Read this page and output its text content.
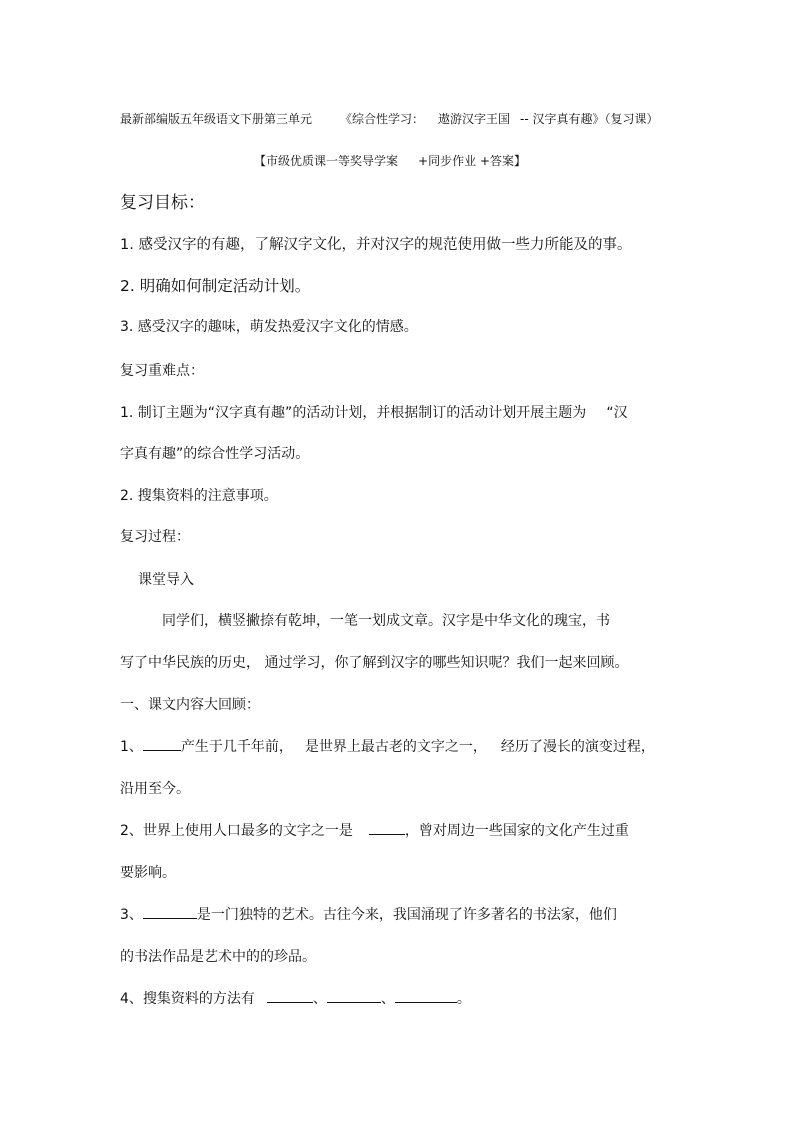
最新部编版五年级语文下册第三单元 《综合性学习： 遨游汉字王国 -- 汉字真有趣》（复习课）
【市级优质课一等奖导学案 +同步作业 +答案】
复习目标：
1. 感受汉字的有趣，了解汉字文化，并对汉字的规范使用做一些力所能及的事。
2. 明确如何制定活动计划。
3. 感受汉字的趣味，萌发热爱汉字文化的情感。
复习重难点：
1. 制订主题为“汉字真有趣”的活动计划，并根据制订的活动计划开展主题为 “汉
字真有趣”的综合性学习活动。
2. 搜集资料的注意事项。
复习过程：
课堂导入
同学们，横竖撇捺有乾坤，一笔一划成文章。汉字是中华文化的瑰宝，书
写了中华民族的历史， 通过学习，你了解到汉字的哪些知识呢？我们一起来回顾。
一、课文内容大回顾：
1、	产生于几千年前， 是世界上最古老的文字之一， 经历了漫长的演变过程，
沿用至今。
2、世界上使用人口最多的文字之一是	，曾对周边一些国家的文化产生过重
要影响。
3、	是一门独特的艺术。古往今来，我国涌现了许多著名的书法家，他们
的书法作品是艺术中的的珍品。
4、搜集资料的方法有	、	、	。
